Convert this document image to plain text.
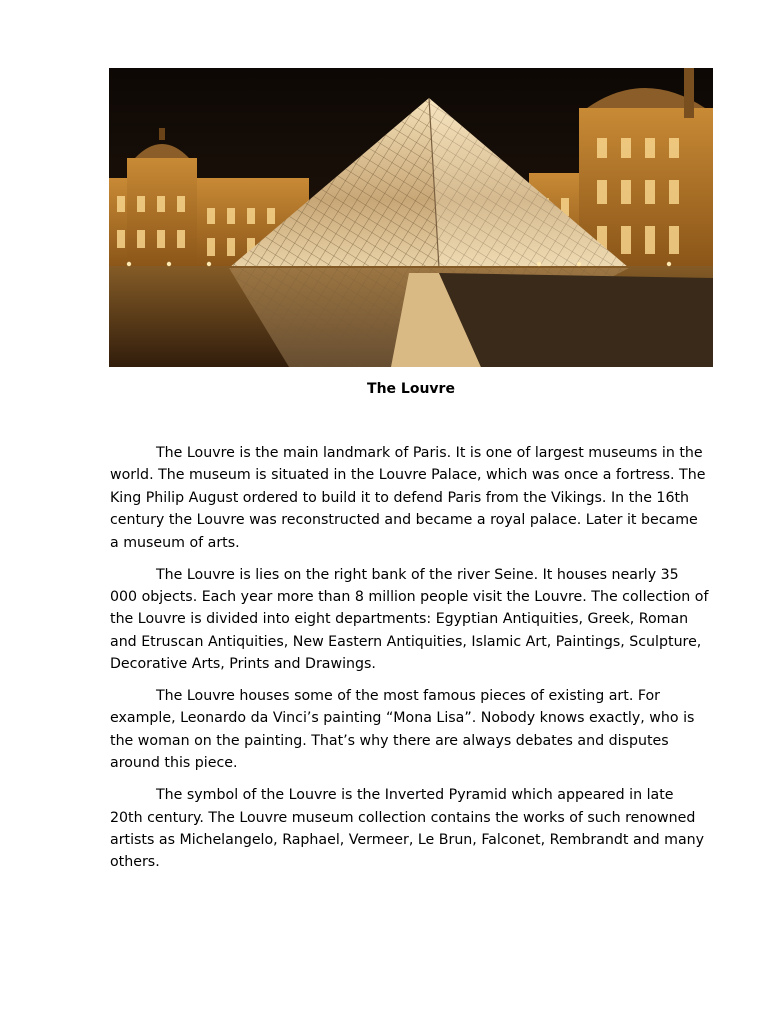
The Louvre

The Louvre is the main landmark of Paris. It is one of largest museums in the world. The museum is situated in the Louvre Palace, which was once a fortress. The King Philip August ordered to build it to defend Paris from the Vikings. In the 16th century the Louvre was reconstructed and became a royal palace. Later it became a museum of arts.

The Louvre is lies on the right bank of the river Seine. It houses nearly 35 000 objects. Each year more than 8 million people visit the Louvre. The collection of the Louvre is divided into eight departments: Egyptian Antiquities, Greek, Roman and Etruscan Antiquities, New Eastern Antiquities, Islamic Art, Paintings, Sculpture, Decorative Arts, Prints and Drawings.

The Louvre houses some of the most famous pieces of existing art. For example, Leonardo da Vinci’s painting “Mona Lisa”. Nobody knows exactly, who is the woman on the painting. That’s why there are always debates and disputes around this piece.

The symbol of the Louvre is the Inverted Pyramid which appeared in late 20th century. The Louvre museum collection contains the works of such renowned artists as Michelangelo, Raphael, Vermeer, Le Brun, Falconet, Rembrandt and many others.
